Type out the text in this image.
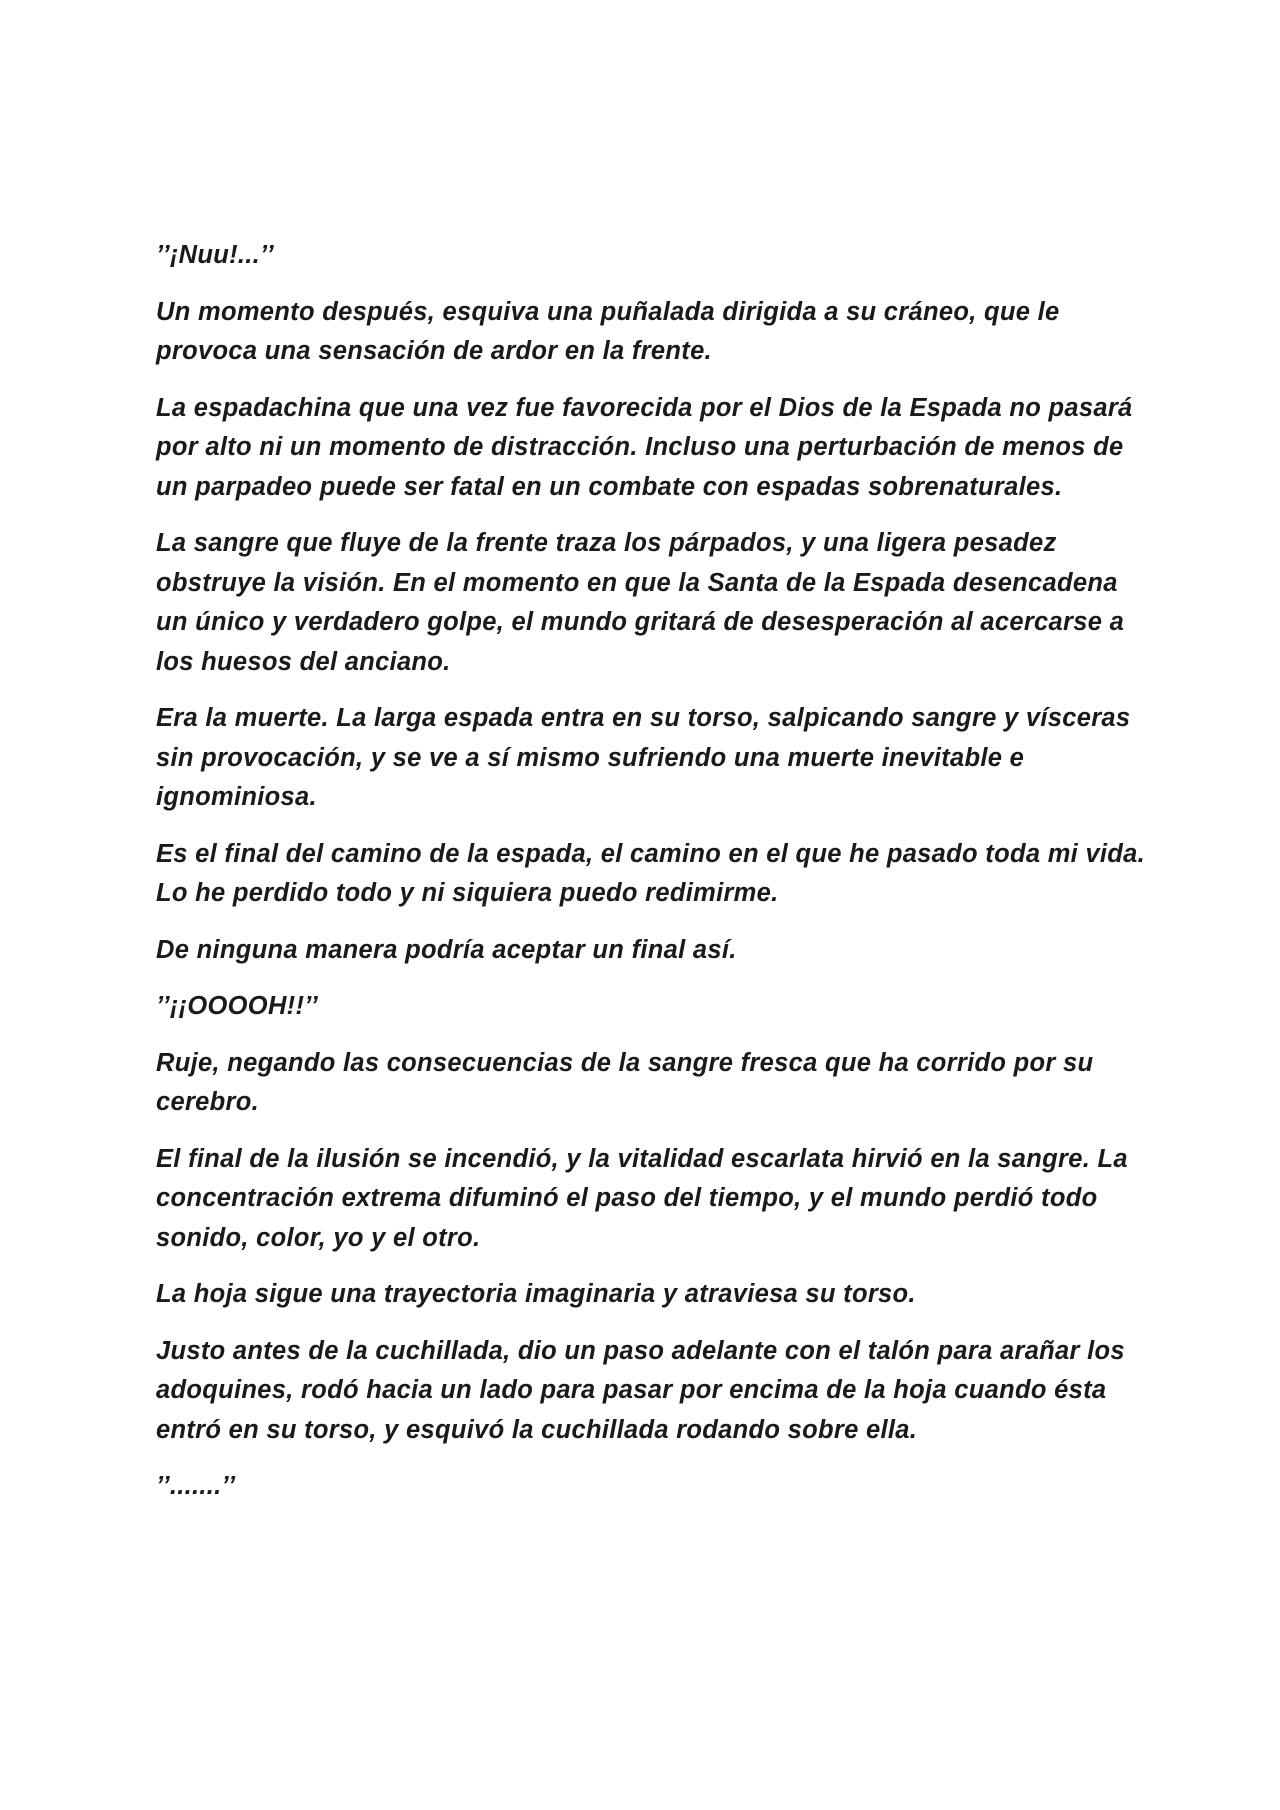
’’¡Nuu!...’’

Un momento después, esquiva una puñalada dirigida a su cráneo, que le provoca una sensación de ardor en la frente.

La espadachina que una vez fue favorecida por el Dios de la Espada no pasará por alto ni un momento de distracción. Incluso una perturbación de menos de un parpadeo puede ser fatal en un combate con espadas sobrenaturales.

La sangre que fluye de la frente traza los párpados, y una ligera pesadez obstruye la visión. En el momento en que la Santa de la Espada desencadena un único y verdadero golpe, el mundo gritará de desesperación al acercarse a los huesos del anciano.

Era la muerte. La larga espada entra en su torso, salpicando sangre y vísceras sin provocación, y se ve a sí mismo sufriendo una muerte inevitable e ignominiosa.

Es el final del camino de la espada, el camino en el que he pasado toda mi vida. Lo he perdido todo y ni siquiera puedo redimirme.

De ninguna manera podría aceptar un final así.

’’¡¡OOOOH!!’’

Ruje, negando las consecuencias de la sangre fresca que ha corrido por su cerebro.

El final de la ilusión se incendió, y la vitalidad escarlata hirvió en la sangre. La concentración extrema difuminó el paso del tiempo, y el mundo perdió todo sonido, color, yo y el otro.

La hoja sigue una trayectoria imaginaria y atraviesa su torso.

Justo antes de la cuchillada, dio un paso adelante con el talón para arañar los adoquines, rodó hacia un lado para pasar por encima de la hoja cuando ésta entró en su torso, y esquivó la cuchillada rodando sobre ella.

’’.......’’
